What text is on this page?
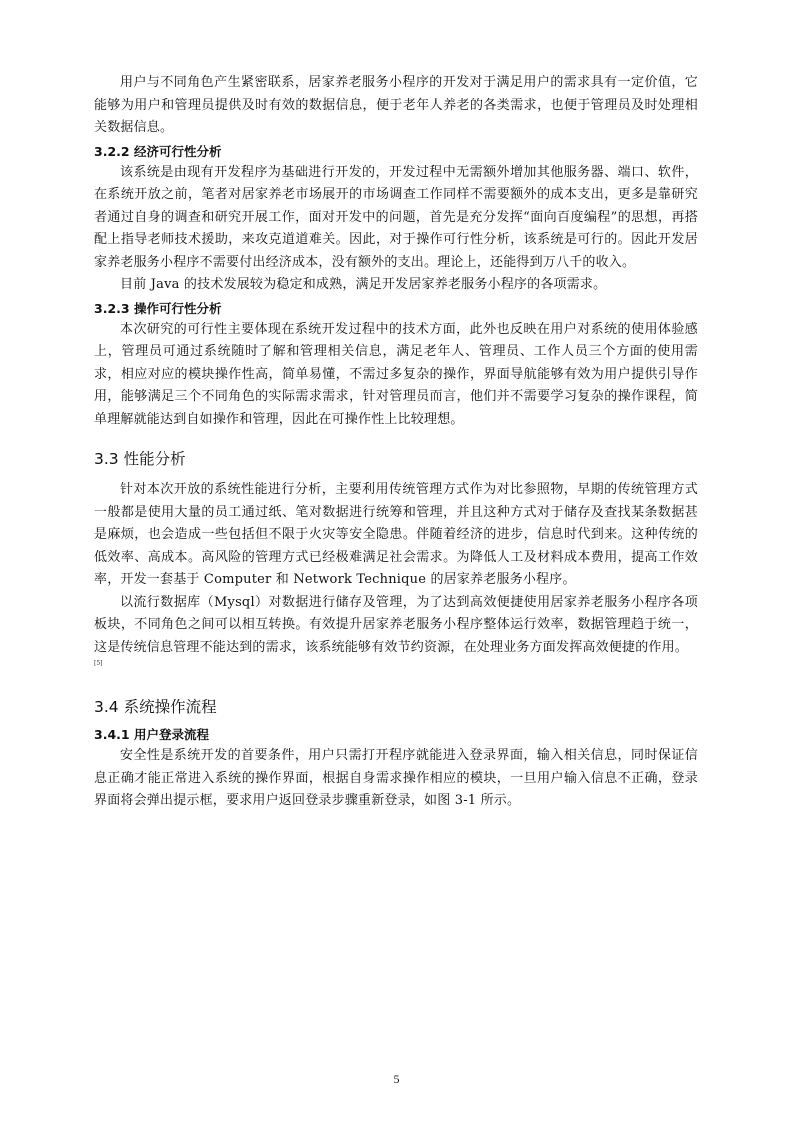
用户与不同角色产生紧密联系，居家养老服务小程序的开发对于满足用户的需求具有一定价值，它能够为用户和管理员提供及时有效的数据信息，便于老年人养老的各类需求，也便于管理员及时处理相关数据信息。

3.2.2 经济可行性分析

该系统是由现有开发程序为基础进行开发的，开发过程中无需额外增加其他服务器、端口、软件，在系统开放之前，笔者对居家养老市场展开的市场调查工作同样不需要额外的成本支出，更多是靠研究者通过自身的调查和研究开展工作，面对开发中的问题，首先是充分发挥“面向百度编程”的思想，再搭配上指导老师技术援助，来攻克道道难关。因此，对于操作可行性分析，该系统是可行的。因此开发居家养老服务小程序不需要付出经济成本，没有额外的支出。理论上，还能得到万八千的收入。

目前 Java 的技术发展较为稳定和成熟，满足开发居家养老服务小程序的各项需求。

3.2.3 操作可行性分析

本次研究的可行性主要体现在系统开发过程中的技术方面，此外也反映在用户对系统的使用体验感上，管理员可通过系统随时了解和管理相关信息，满足老年人、管理员、工作人员三个方面的使用需求，相应对应的模块操作性高，简单易懂，不需过多复杂的操作，界面导航能够有效为用户提供引导作用，能够满足三个不同角色的实际需求需求，针对管理员而言，他们并不需要学习复杂的操作课程，简单理解就能达到自如操作和管理，因此在可操作性上比较理想。

3.3 性能分析

针对本次开放的系统性能进行分析，主要利用传统管理方式作为对比参照物，早期的传统管理方式一般都是使用大量的员工通过纸、笔对数据进行统筹和管理，并且这种方式对于储存及查找某条数据甚是麻烦，也会造成一些包括但不限于火灾等安全隐患。伴随着经济的进步，信息时代到来。这种传统的低效率、高成本。高风险的管理方式已经极难满足社会需求。为降低人工及材料成本费用，提高工作效率，开发一套基于 Computer 和 Network Technique 的居家养老服务小程序。

以流行数据库（Mysql）对数据进行储存及管理，为了达到高效便捷使用居家养老服务小程序各项板块，不同角色之间可以相互转换。有效提升居家养老服务小程序整体运行效率，数据管理趋于统一，这是传统信息管理不能达到的需求，该系统能够有效节约资源，在处理业务方面发挥高效便捷的作用。

[5]
3.4 系统操作流程
3.4.1 用户登录流程

安全性是系统开发的首要条件，用户只需打开程序就能进入登录界面，输入相关信息，同时保证信息正确才能正常进入系统的操作界面，根据自身需求操作相应的模块，一旦用户输入信息不正确，登录界面将会弹出提示框，要求用户返回登录步骤重新登录，如图 3-1 所示。

5
